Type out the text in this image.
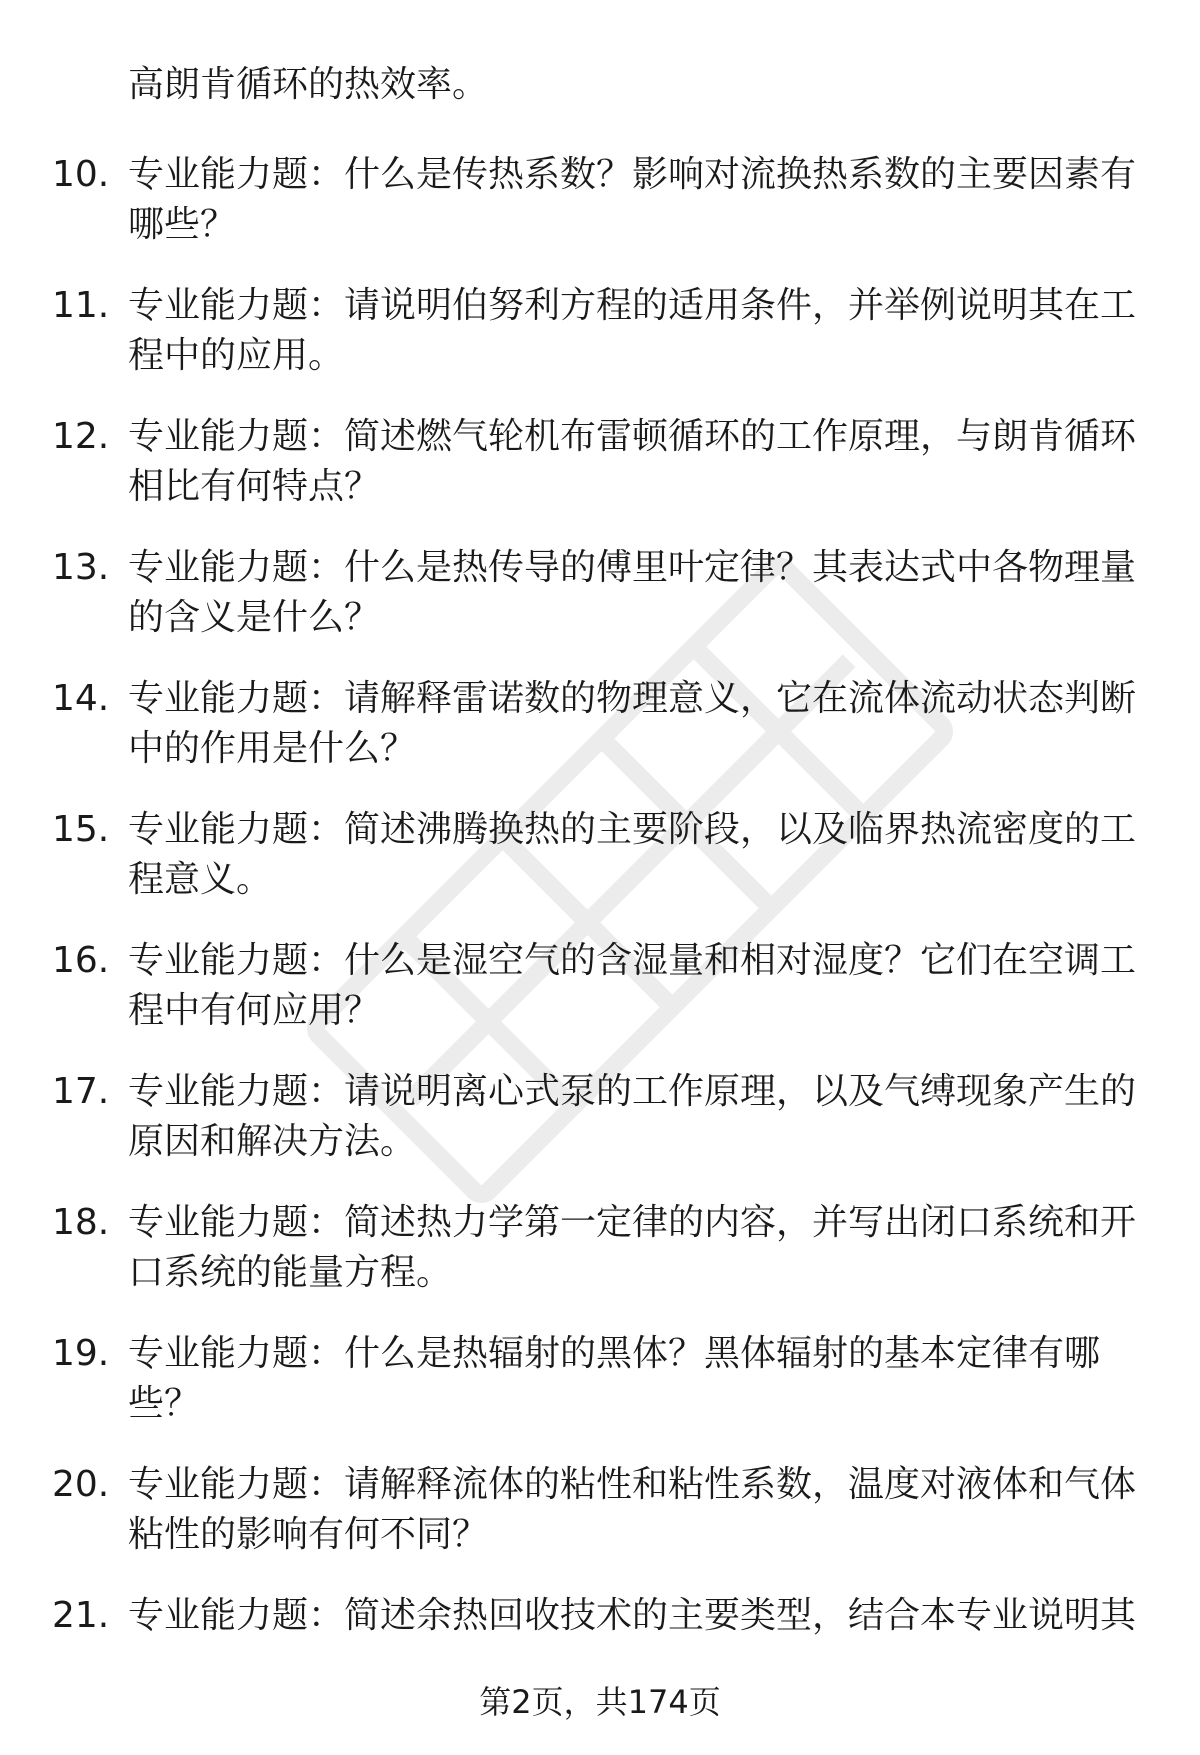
高朗肯循环的热效率。
10. 专业能力题：什么是传热系数？影响对流换热系数的主要因素有哪些？
11. 专业能力题：请说明伯努利方程的适用条件，并举例说明其在工程中的应用。
12. 专业能力题：简述燃气轮机布雷顿循环的工作原理，与朗肯循环相比有何特点？
13. 专业能力题：什么是热传导的傅里叶定律？其表达式中各物理量的含义是什么？
14. 专业能力题：请解释雷诺数的物理意义，它在流体流动状态判断中的作用是什么？
15. 专业能力题：简述沸腾换热的主要阶段，以及临界热流密度的工程意义。
16. 专业能力题：什么是湿空气的含湿量和相对湿度？它们在空调工程中有何应用？
17. 专业能力题：请说明离心式泵的工作原理，以及气缚现象产生的原因和解决方法。
18. 专业能力题：简述热力学第一定律的内容，并写出闭口系统和开口系统的能量方程。
19. 专业能力题：什么是热辐射的黑体？黑体辐射的基本定律有哪些？
20. 专业能力题：请解释流体的粘性和粘性系数，温度对液体和气体粘性的影响有何不同？
21. 专业能力题：简述余热回收技术的主要类型，结合本专业说明其
第2页，共174页
